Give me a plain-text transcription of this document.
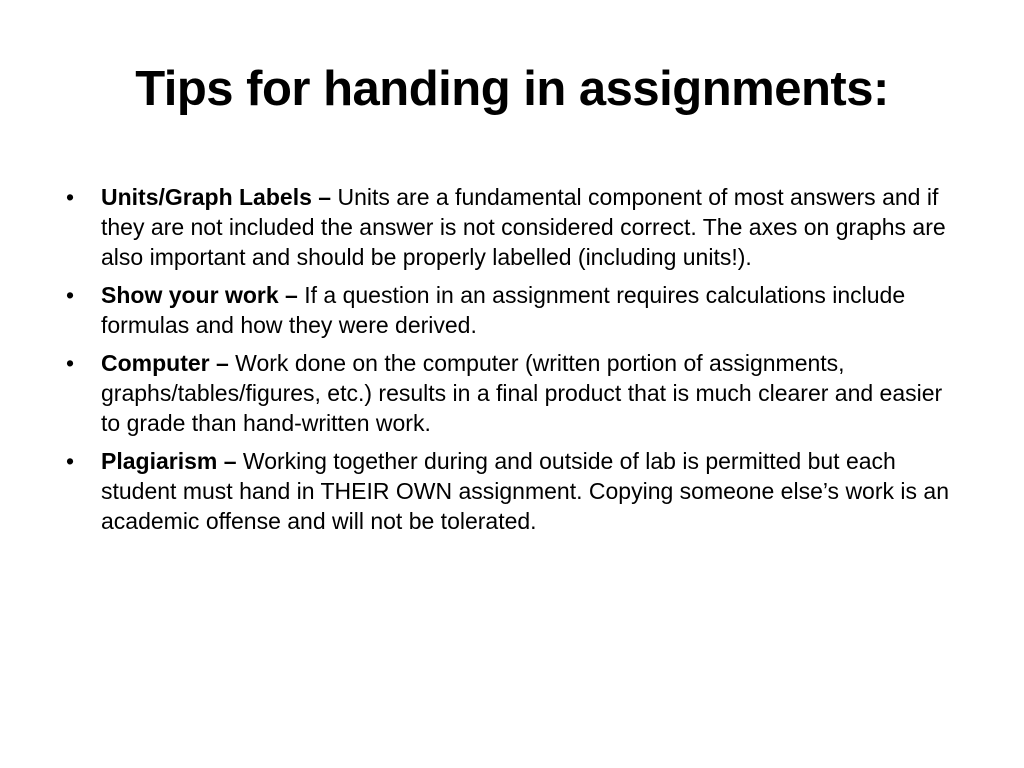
Tips for handing in assignments:
• Units/Graph Labels – Units are a fundamental component of most answers and if they are not included the answer is not considered correct. The axes on graphs are also important and should be properly labelled (including units!).
• Show your work – If a question in an assignment requires calculations include formulas and how they were derived.
• Computer – Work done on the computer (written portion of assignments, graphs/tables/figures, etc.) results in a final product that is much clearer and easier to grade than hand-written work.
• Plagiarism – Working together during and outside of lab is permitted but each student must hand in THEIR OWN assignment. Copying someone else’s work is an academic offense and will not be tolerated.
